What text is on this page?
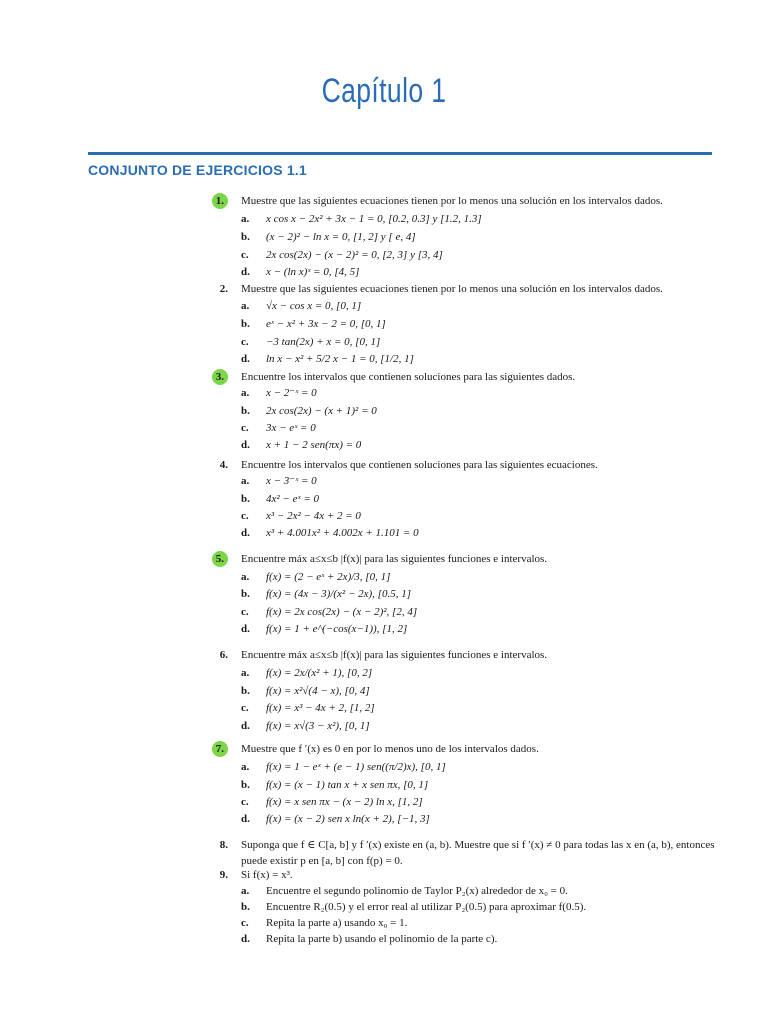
Capítulo 1
CONJUNTO DE EJERCICIOS 1.1
1.	Muestre que las siguientes ecuaciones tienen por lo menos una solución en los intervalos dados.
a. x cos x − 2x² + 3x − 1 = 0, [0.2, 0.3] y [1.2, 1.3]
b. (x − 2)² − ln x = 0, [1, 2] y [ e, 4]
c. 2x cos(2x) − (x − 2)² = 0, [2, 3] y [3, 4]
d. x − (ln x)ˣ = 0, [4, 5]
2. Muestre que las siguientes ecuaciones tienen por lo menos una solución en los intervalos dados.
a. √x − cos x = 0, [0, 1]
b. eˣ − x² + 3x − 2 = 0, [0, 1]
c. −3 tan(2x) + x = 0, [0, 1]
d. ln x − x² + 5/2 x − 1 = 0, [1/2, 1]
3.	Encuentre los intervalos que contienen soluciones para las siguientes dados.
a. x − 2⁻ˣ = 0
b. 2x cos(2x) − (x + 1)² = 0
c. 3x − eˣ = 0
d. x + 1 − 2 sen(πx) = 0
4. Encuentre los intervalos que contienen soluciones para las siguientes ecuaciones.
a. x − 3⁻ˣ = 0
b. 4x² − eˣ = 0
c. x³ − 2x² − 4x + 2 = 0
d. x³ + 4.001x² + 4.002x + 1.101 = 0
5.	Encuentre máx a≤x≤b |f(x)| para las siguientes funciones e intervalos.
a. f(x) = (2 − eˣ + 2x)/3, [0, 1]
b. f(x) = (4x − 3)/(x² − 2x), [0.5, 1]
c. f(x) = 2x cos(2x) − (x − 2)², [2, 4]
d. f(x) = 1 + e^(−cos(x−1)), [1, 2]
6. Encuentre máx a≤x≤b |f(x)| para las siguientes funciones e intervalos.
a. f(x) = 2x/(x² + 1), [0, 2]
b. f(x) = x²√(4 − x), [0, 4]
c. f(x) = x³ − 4x + 2, [1, 2]
d. f(x) = x√(3 − x²), [0, 1]
7.	Muestre que f ′(x) es 0 en por lo menos uno de los intervalos dados.
a. f(x) = 1 − eˣ + (e − 1) sen((π/2)x), [0, 1]
b. f(x) = (x − 1) tan x + x sen πx, [0, 1]
c. f(x) = x sen πx − (x − 2) ln x, [1, 2]
d. f(x) = (x − 2) sen x ln(x + 2), [−1, 3]
8. Suponga que f ∈ C[a, b] y f ′(x) existe en (a, b). Muestre que si f ′(x) ≠ 0 para todas las x en (a, b), entonces puede existir p en [a, b] con f(p) = 0.
9. Si f(x) = x³.
a. Encuentre el segundo polinomio de Taylor P₂(x) alrededor de x₀ = 0.
b. Encuentre R₂(0.5) y el error real al utilizar P₂(0.5) para aproximar f(0.5).
c. Repita la parte a) usando x₀ = 1.
d. Repita la parte b) usando el polinomio de la parte c).
